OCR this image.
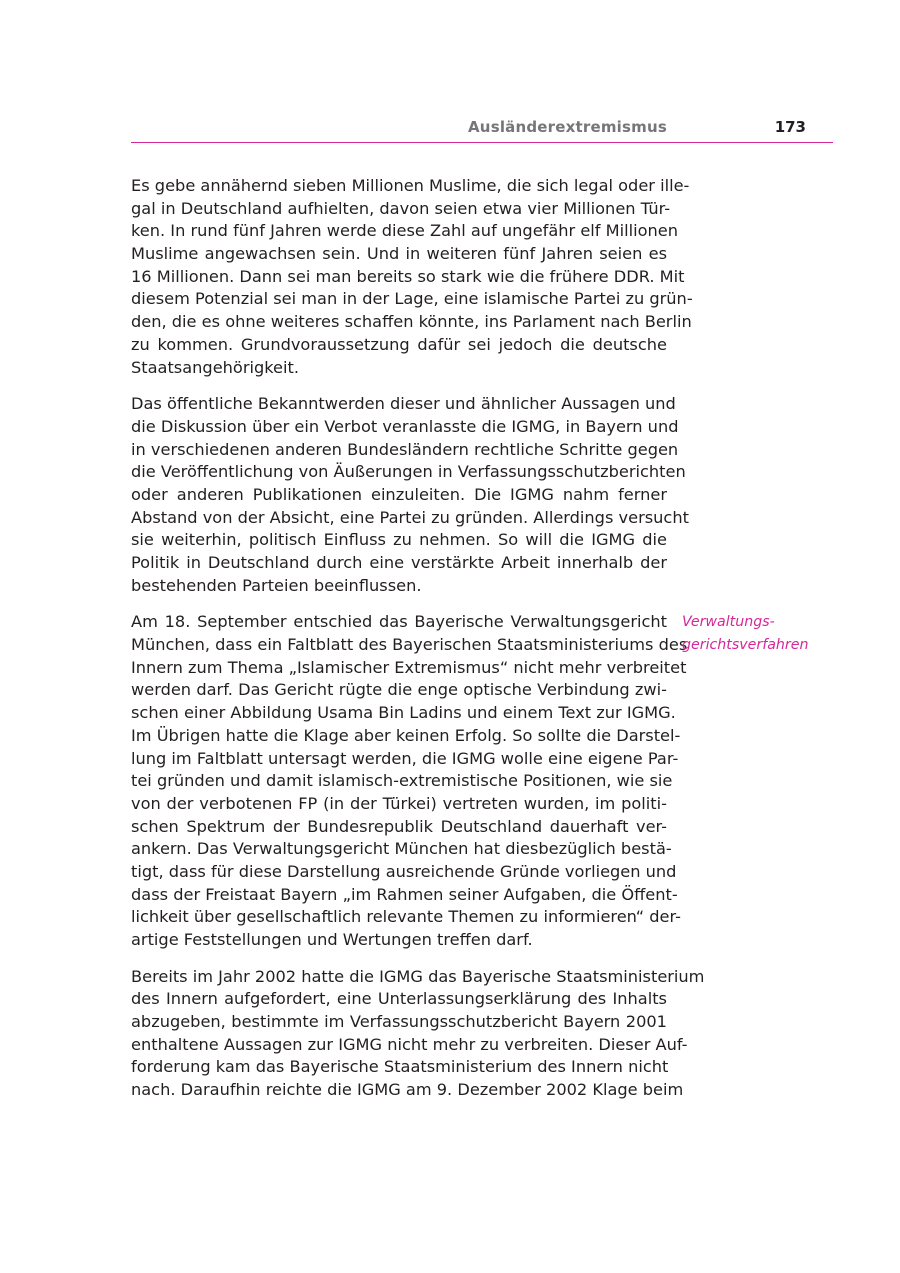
Ausländerextremismus	173
Es gebe annähernd sieben Millionen Muslime, die sich legal oder ille-
gal in Deutschland aufhielten, davon seien etwa vier Millionen Tür-
ken. In rund fünf Jahren werde diese Zahl auf ungefähr elf Millionen
Muslime angewachsen sein. Und in weiteren fünf Jahren seien es
16 Millionen. Dann sei man bereits so stark wie die frühere DDR. Mit
diesem Potenzial sei man in der Lage, eine islamische Partei zu grün-
den, die es ohne weiteres schaffen könnte, ins Parlament nach Berlin
zu kommen. Grundvoraussetzung dafür sei jedoch die deutsche
Staatsangehörigkeit.
Das öffentliche Bekanntwerden dieser und ähnlicher Aussagen und
die Diskussion über ein Verbot veranlasste die IGMG, in Bayern und
in verschiedenen anderen Bundesländern rechtliche Schritte gegen
die Veröffentlichung von Äußerungen in Verfassungsschutzberichten
oder anderen Publikationen einzuleiten. Die IGMG nahm ferner
Abstand von der Absicht, eine Partei zu gründen. Allerdings versucht
sie weiterhin, politisch Einfluss zu nehmen. So will die IGMG die
Politik in Deutschland durch eine verstärkte Arbeit innerhalb der
bestehenden Parteien beeinflussen.
Am 18. September entschied das Bayerische Verwaltungsgericht
München, dass ein Faltblatt des Bayerischen Staatsministeriums des
Innern zum Thema „Islamischer Extremismus“ nicht mehr verbreitet
werden darf. Das Gericht rügte die enge optische Verbindung zwi-
schen einer Abbildung Usama Bin Ladins und einem Text zur IGMG.
Im Übrigen hatte die Klage aber keinen Erfolg. So sollte die Darstel-
lung im Faltblatt untersagt werden, die IGMG wolle eine eigene Par-
tei gründen und damit islamisch-extremistische Positionen, wie sie
von der verbotenen FP (in der Türkei) vertreten wurden, im politi-
schen Spektrum der Bundesrepublik Deutschland dauerhaft ver-
ankern. Das Verwaltungsgericht München hat diesbezüglich bestä-
tigt, dass für diese Darstellung ausreichende Gründe vorliegen und
dass der Freistaat Bayern „im Rahmen seiner Aufgaben, die Öffent-
lichkeit über gesellschaftlich relevante Themen zu informieren“ der-
artige Feststellungen und Wertungen treffen darf.
Bereits im Jahr 2002 hatte die IGMG das Bayerische Staatsministerium
des Innern aufgefordert, eine Unterlassungserklärung des Inhalts
abzugeben, bestimmte im Verfassungsschutzbericht Bayern 2001
enthaltene Aussagen zur IGMG nicht mehr zu verbreiten. Dieser Auf-
forderung kam das Bayerische Staatsministerium des Innern nicht
nach. Daraufhin reichte die IGMG am 9. Dezember 2002 Klage beim
Verwaltungs-
gerichtsverfahren
